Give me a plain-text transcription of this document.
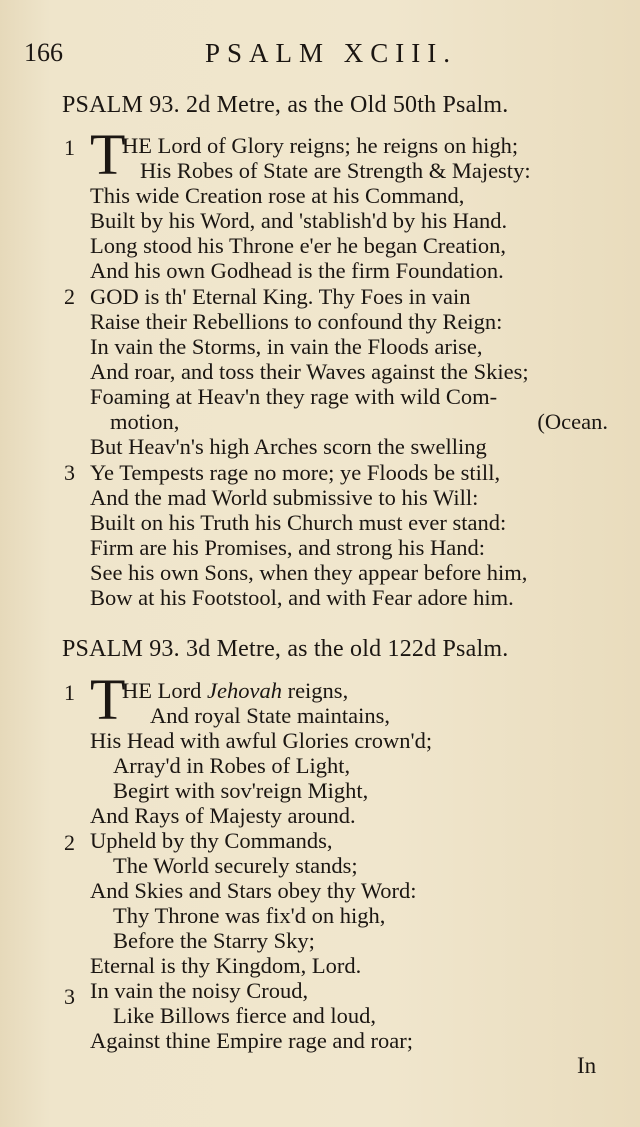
166	PSALM XCIII.
PSALM 93. 2d Metre, as the Old 50th Psalm.
1 T
HE Lord of Glory reigns; he reigns on high;
His Robes of State are Strength & Majesty:
This wide Creation rose at his Command,
Built by his Word, and 'stablish'd by his Hand.
Long stood his Throne e'er he began Creation,
And his own Godhead is the firm Foundation.
2 GOD is th' Eternal King. Thy Foes in vain
Raise their Rebellions to confound thy Reign:
In vain the Storms, in vain the Floods arise,
And roar, and toss their Waves against the Skies;
Foaming at Heav'n they rage with wild Com-
motion,	(Ocean.
But Heav'n's high Arches scorn the swelling
3 Ye Tempests rage no more; ye Floods be still,
And the mad World submissive to his Will:
Built on his Truth his Church must ever stand:
Firm are his Promises, and strong his Hand:
See his own Sons, when they appear before him,
Bow at his Footstool, and with Fear adore him.
PSALM 93. 3d Metre, as the old 122d Psalm.
1 T
HE Lord Jehovah reigns,
And royal State maintains,
His Head with awful Glories crown'd;
Array'd in Robes of Light,
Begirt with sov'reign Might,
And Rays of Majesty around.
2 Upheld by thy Commands,
The World securely stands;
And Skies and Stars obey thy Word:
Thy Throne was fix'd on high,
Before the Starry Sky;
Eternal is thy Kingdom, Lord.
3 In vain the noisy Croud,
Like Billows fierce and loud,
Against thine Empire rage and roar;
In
